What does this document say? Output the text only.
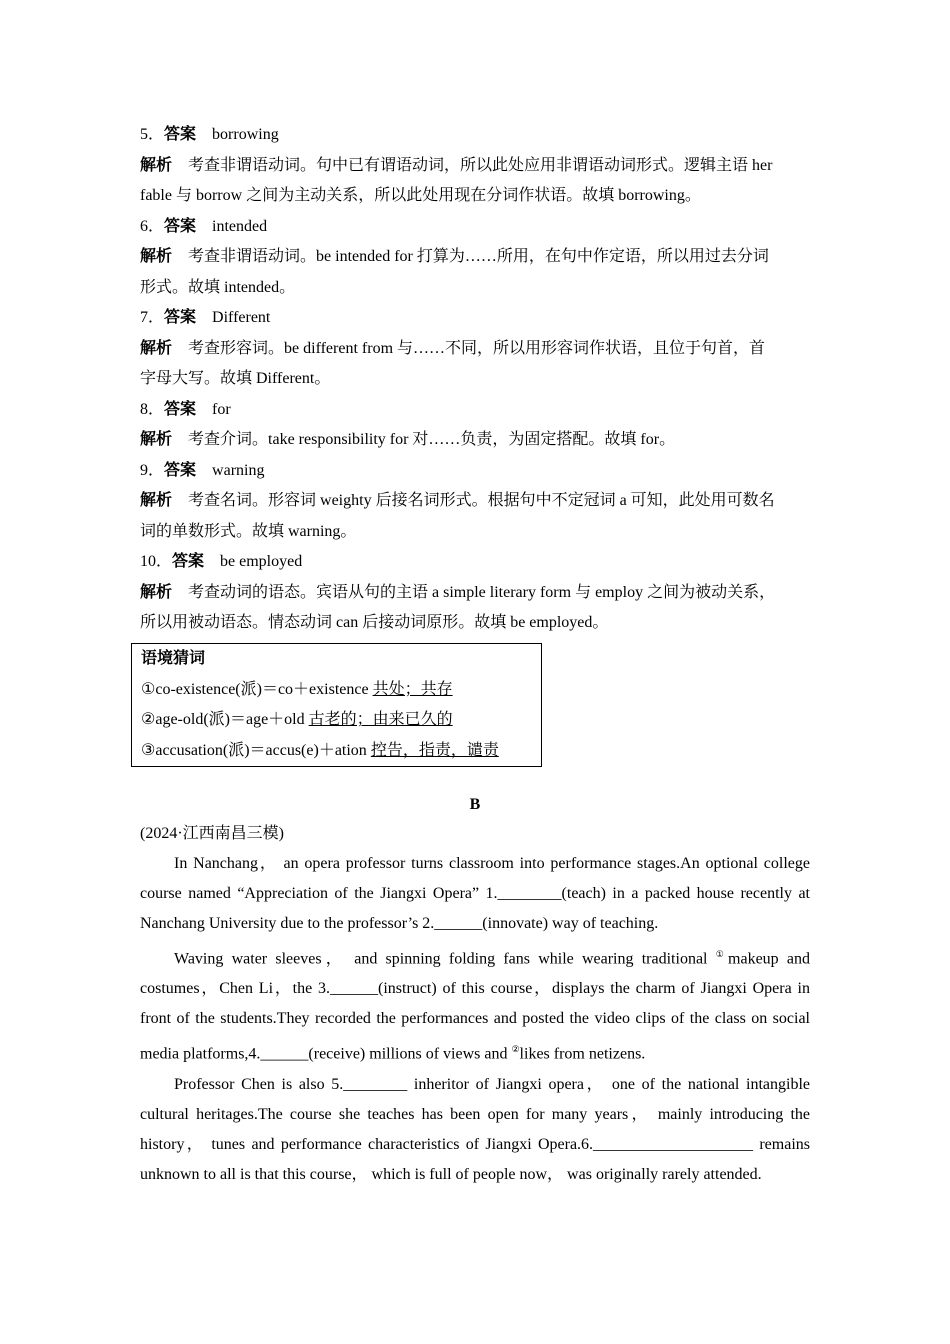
5．答案 borrowing

解析 考查非谓语动词。句中已有谓语动词，所以此处应用非谓语动词形式。逻辑主语 her

fable 与 borrow 之间为主动关系，所以此处用现在分词作状语。故填 borrowing。

6．答案 intended

解析 考查非谓语动词。be intended for 打算为……所用，在句中作定语，所以用过去分词

形式。故填 intended。

7．答案 Different

解析 考查形容词。be different from 与……不同，所以用形容词作状语，且位于句首，首

字母大写。故填 Different。

8．答案 for

解析 考查介词。take responsibility for 对……负责，为固定搭配。故填 for。

9．答案 warning

解析 考查名词。形容词 weighty 后接名词形式。根据句中不定冠词 a 可知，此处用可数名

词的单数形式。故填 warning。

10．答案 be employed

解析 考查动词的语态。宾语从句的主语 a simple literary form 与 employ 之间为被动关系，

所以用被动语态。情态动词 can 后接动词原形。故填 be employed。

语境猜词

①co-existence(派)＝co＋existence 共处；共存

②age-old(派)＝age＋old 古老的；由来已久的

③accusation(派)＝accus(e)＋ation 控告，指责，谴责

B

(2024·江西南昌三模)

In Nanchang， an opera professor turns classroom into performance stages.An optional college course named “Appreciation of the Jiangxi Opera” 1.________(teach) in a packed house recently at Nanchang University due to the professor’s 2.______(innovate) way of teaching.

Waving water sleeves， and spinning folding fans while wearing traditional ①makeup and costumes，Chen Li，the 3.______(instruct) of this course，displays the charm of Jiangxi Opera in front of the students.They recorded the performances and posted the video clips of the class on social media platforms,4.______(receive) millions of views and ②likes from netizens.

Professor Chen is also 5.________ inheritor of Jiangxi opera， one of the national intangible cultural heritages.The course she teaches has been open for many years， mainly introducing the history， tunes and performance characteristics of Jiangxi Opera.6.____________________ remains unknown to all is that this course， which is full of people now， was originally rarely attended.
